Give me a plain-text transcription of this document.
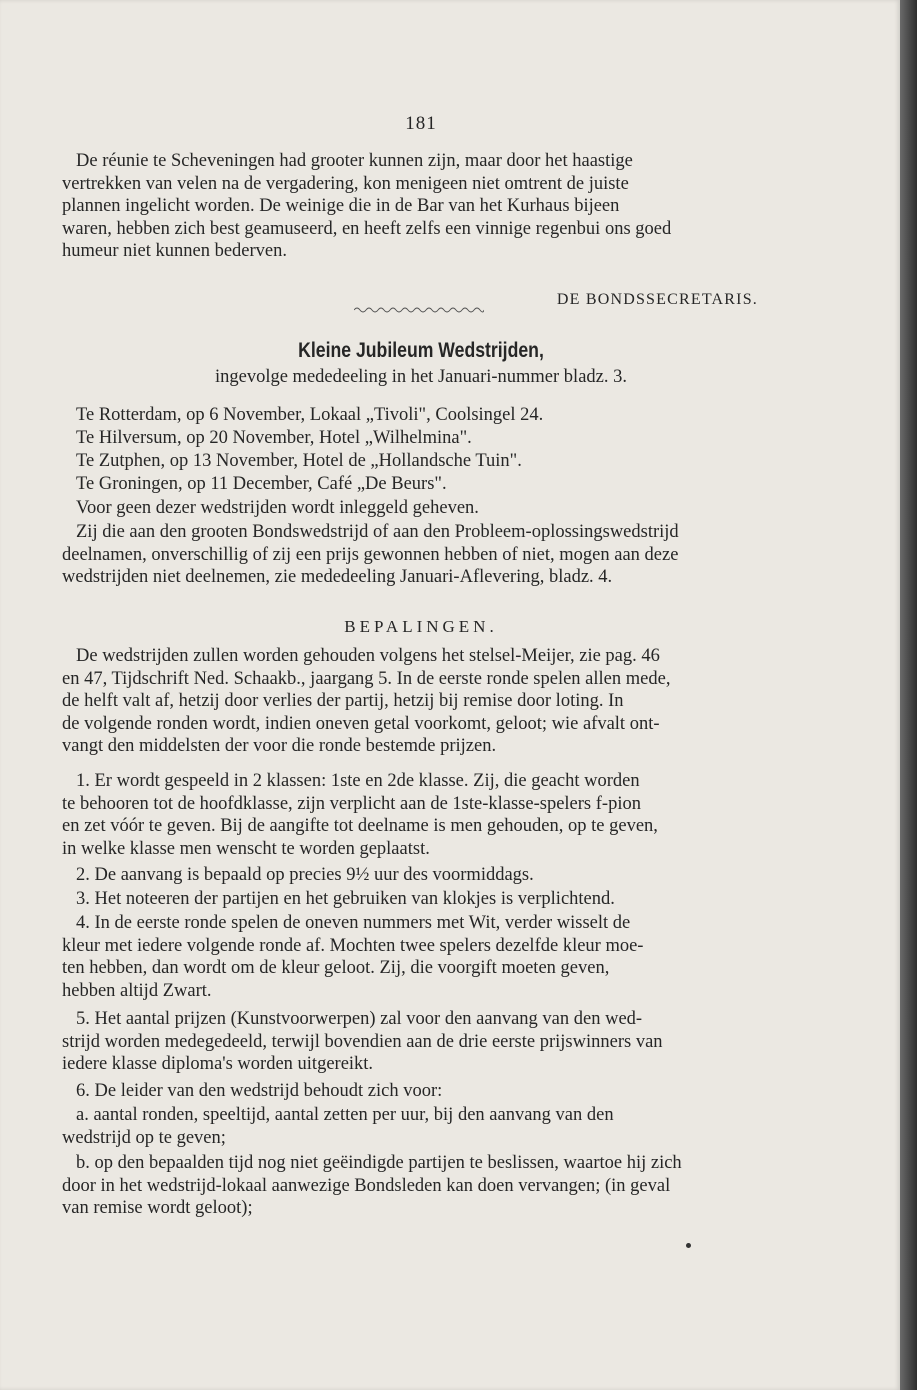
181

De réunie te Scheveningen had grooter kunnen zijn, maar door het haastige

vertrekken van velen na de vergadering, kon menigeen niet omtrent de juiste

plannen ingelicht worden. De weinige die in de Bar van het Kurhaus bijeen

waren, hebben zich best geamuseerd, en heeft zelfs een vinnige regenbui ons goed

humeur niet kunnen bederven.

DE BONDSSECRETARIS.
Kleine Jubileum Wedstrijden,
ingevolge mededeeling in het Januari-nummer bladz. 3.
Te Rotterdam, op 6 November, Lokaal „Tivoli", Coolsingel 24.
Te Hilversum, op 20 November, Hotel „Wilhelmina".
Te Zutphen, op 13 November, Hotel de „Hollandsche Tuin".
Te Groningen, op 11 December, Café „De Beurs".
Voor geen dezer wedstrijden wordt inleggeld geheven.

Zij die aan den grooten Bondswedstrijd of aan den Probleem-oplossingswedstrijd

deelnamen, onverschillig of zij een prijs gewonnen hebben of niet, mogen aan deze

wedstrijden niet deelnemen, zie mededeeling Januari-Aflevering, bladz. 4.

BEPALINGEN.

De wedstrijden zullen worden gehouden volgens het stelsel-Meijer, zie pag. 46

en 47, Tijdschrift Ned. Schaakb., jaargang 5. In de eerste ronde spelen allen mede,

de helft valt af, hetzij door verlies der partij, hetzij bij remise door loting. In

de volgende ronden wordt, indien oneven getal voorkomt, geloot; wie afvalt ont-

vangt den middelsten der voor die ronde bestemde prijzen.

1. Er wordt gespeeld in 2 klassen: 1ste en 2de klasse. Zij, die geacht worden

te behooren tot de hoofdklasse, zijn verplicht aan de 1ste-klasse-spelers f-pion

en zet vóór te geven. Bij de aangifte tot deelname is men gehouden, op te geven,

in welke klasse men wenscht te worden geplaatst.

2. De aanvang is bepaald op precies 9½ uur des voormiddags.

3. Het noteeren der partijen en het gebruiken van klokjes is verplichtend.

4. In de eerste ronde spelen de oneven nummers met Wit, verder wisselt de

kleur met iedere volgende ronde af. Mochten twee spelers dezelfde kleur moe-

ten hebben, dan wordt om de kleur geloot. Zij, die voorgift moeten geven,

hebben altijd Zwart.

5. Het aantal prijzen (Kunstvoorwerpen) zal voor den aanvang van den wed-

strijd worden medegedeeld, terwijl bovendien aan de drie eerste prijswinners van

iedere klasse diploma's worden uitgereikt.

6. De leider van den wedstrijd behoudt zich voor:

a. aantal ronden, speeltijd, aantal zetten per uur, bij den aanvang van den

wedstrijd op te geven;

b. op den bepaalden tijd nog niet geëindigde partijen te beslissen, waartoe hij zich

door in het wedstrijd-lokaal aanwezige Bondsleden kan doen vervangen; (in geval

van remise wordt geloot);
